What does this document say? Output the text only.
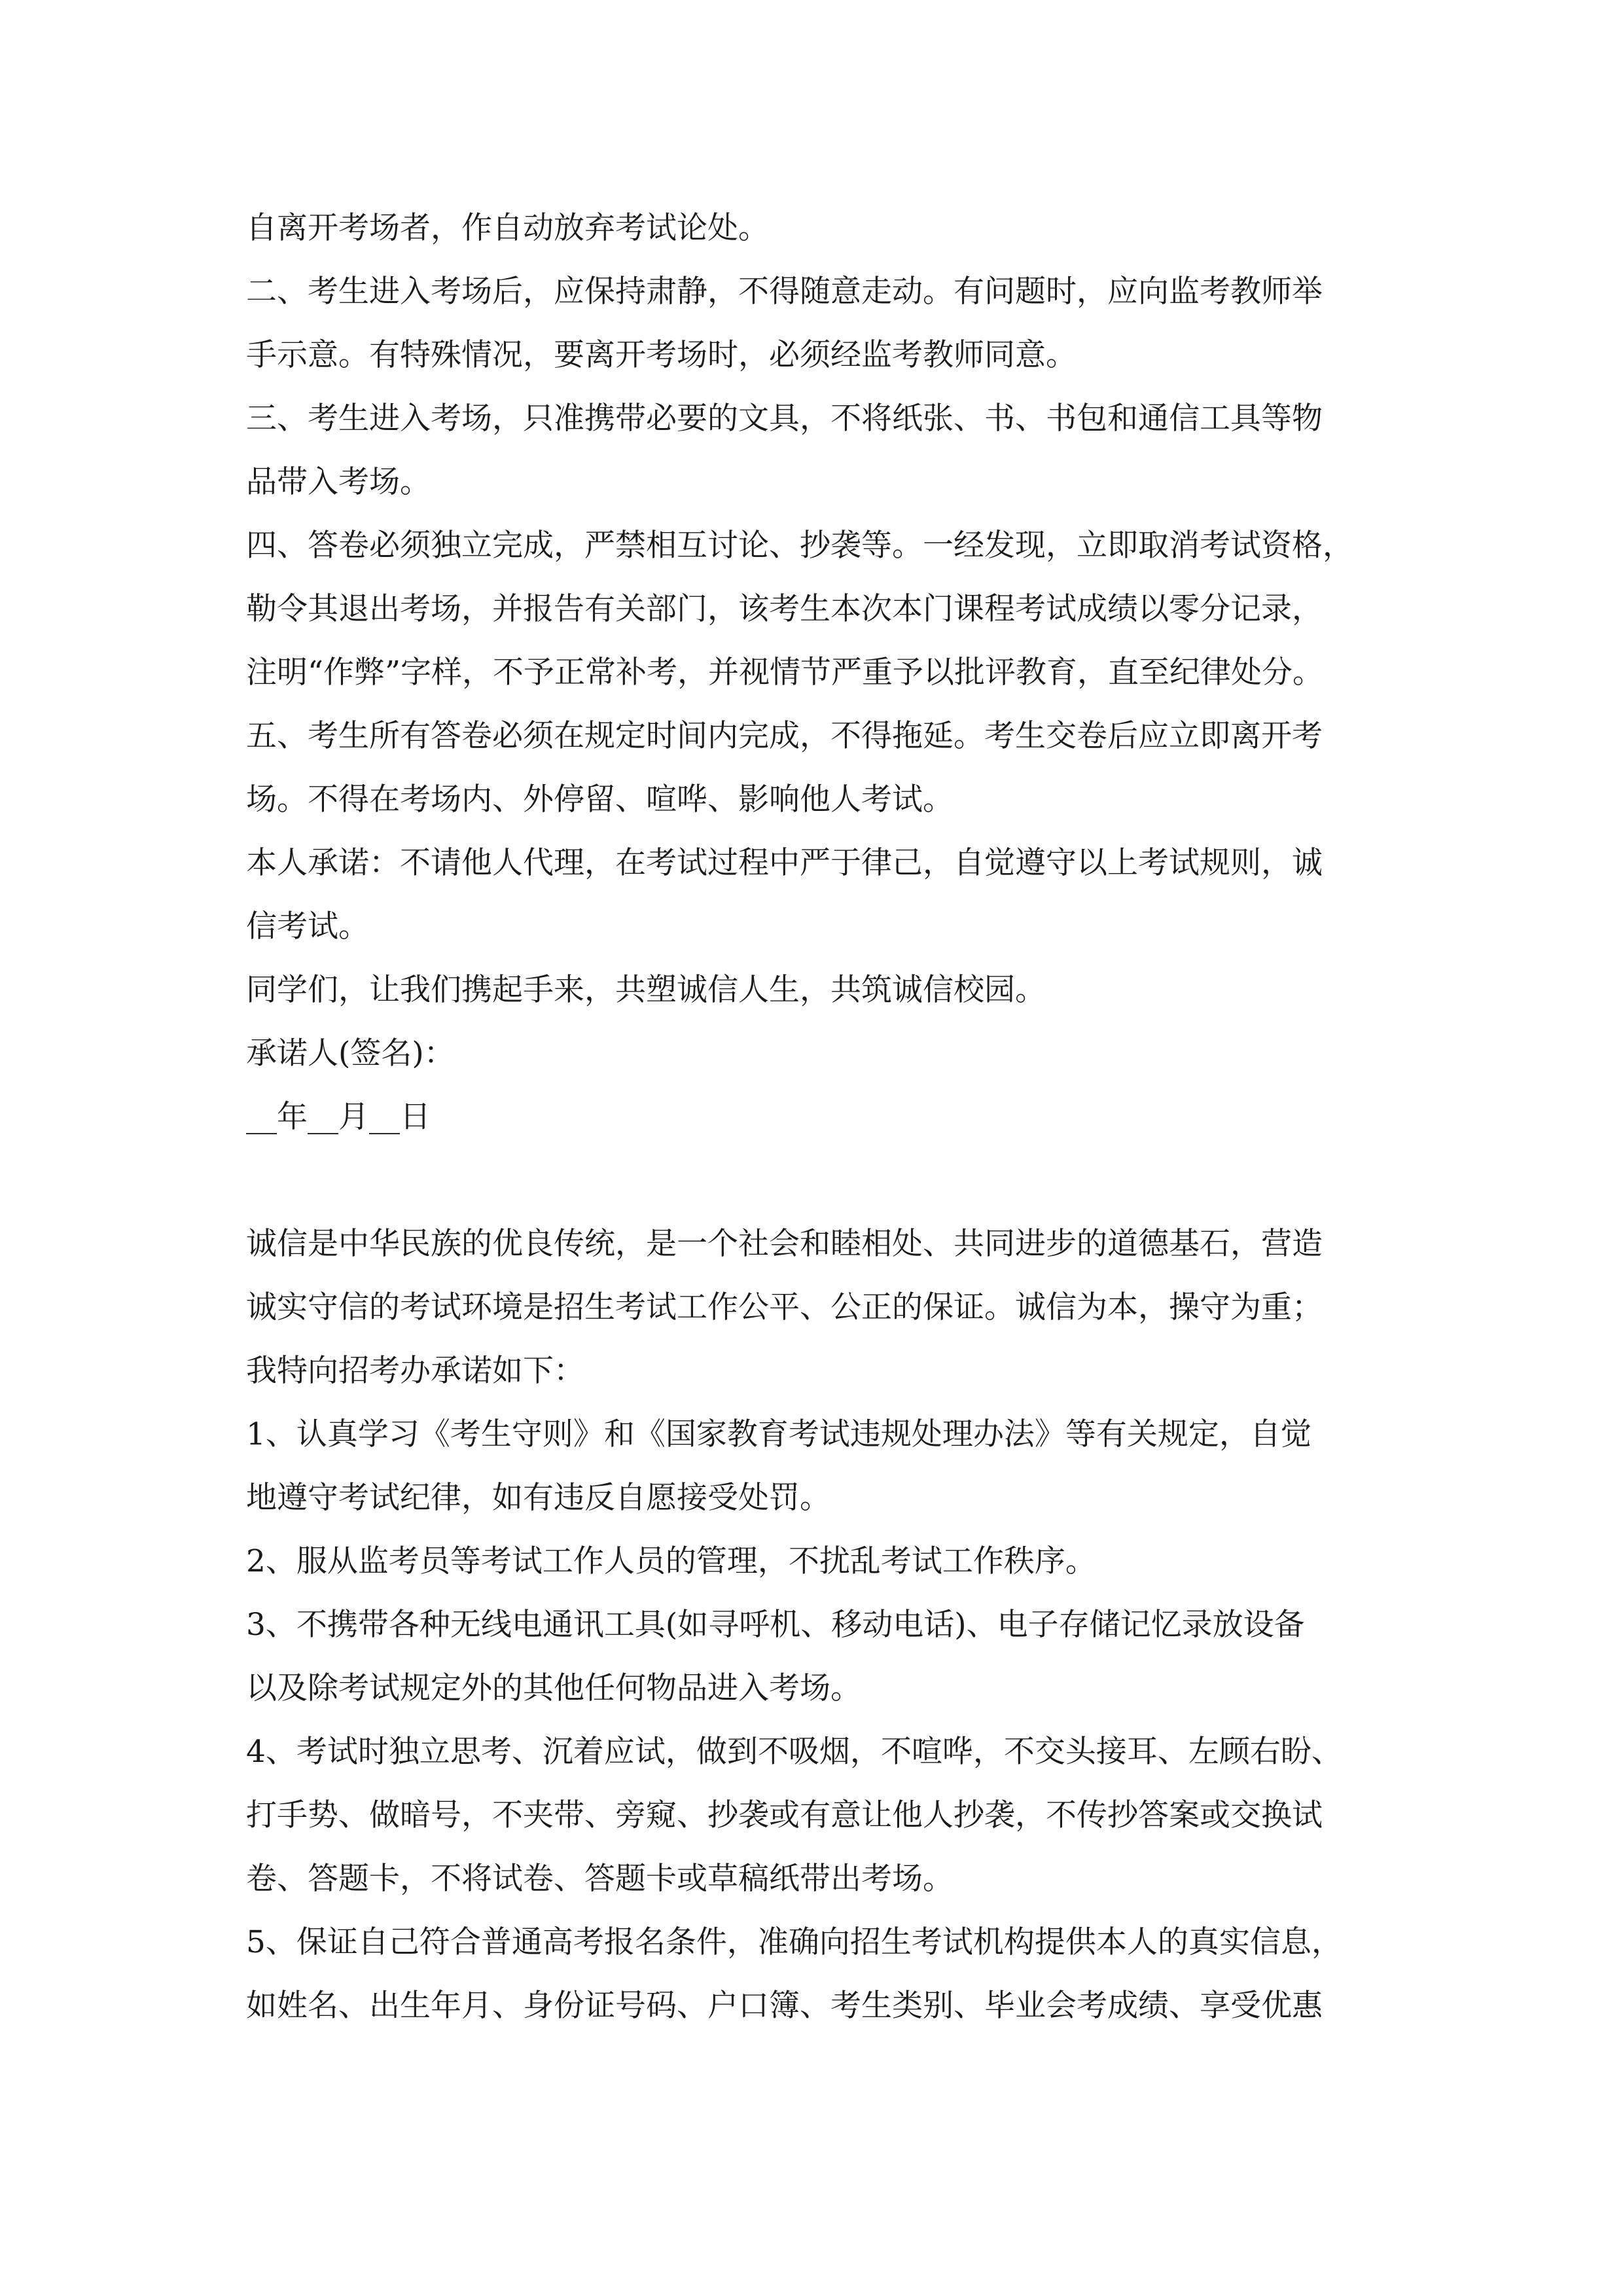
自离开考场者，作自动放弃考试论处。
二、考生进入考场后，应保持肃静，不得随意走动。有问题时，应向监考教师举
手示意。有特殊情况，要离开考场时，必须经监考教师同意。
三、考生进入考场，只准携带必要的文具，不将纸张、书、书包和通信工具等物
品带入考场。
四、答卷必须独立完成，严禁相互讨论、抄袭等。一经发现，立即取消考试资格，
勒令其退出考场，并报告有关部门，该考生本次本门课程考试成绩以零分记录，
注明“作弊”字样，不予正常补考，并视情节严重予以批评教育，直至纪律处分。
五、考生所有答卷必须在规定时间内完成，不得拖延。考生交卷后应立即离开考
场。不得在考场内、外停留、喧哗、影响他人考试。
本人承诺：不请他人代理，在考试过程中严于律己，自觉遵守以上考试规则，诚
信考试。
同学们，让我们携起手来，共塑诚信人生，共筑诚信校园。
承诺人(签名)：
__年__月__日
诚信是中华民族的优良传统，是一个社会和睦相处、共同进步的道德基石，营造
诚实守信的考试环境是招生考试工作公平、公正的保证。诚信为本，操守为重；
我特向招考办承诺如下：
1、认真学习《考生守则》和《国家教育考试违规处理办法》等有关规定，自觉
地遵守考试纪律，如有违反自愿接受处罚。
2、服从监考员等考试工作人员的管理，不扰乱考试工作秩序。
3、不携带各种无线电通讯工具(如寻呼机、移动电话)、电子存储记忆录放设备
以及除考试规定外的其他任何物品进入考场。
4、考试时独立思考、沉着应试，做到不吸烟，不喧哗，不交头接耳、左顾右盼、
打手势、做暗号，不夹带、旁窥、抄袭或有意让他人抄袭，不传抄答案或交换试
卷、答题卡，不将试卷、答题卡或草稿纸带出考场。
5、保证自己符合普通高考报名条件，准确向招生考试机构提供本人的真实信息，
如姓名、出生年月、身份证号码、户口簿、考生类别、毕业会考成绩、享受优惠
